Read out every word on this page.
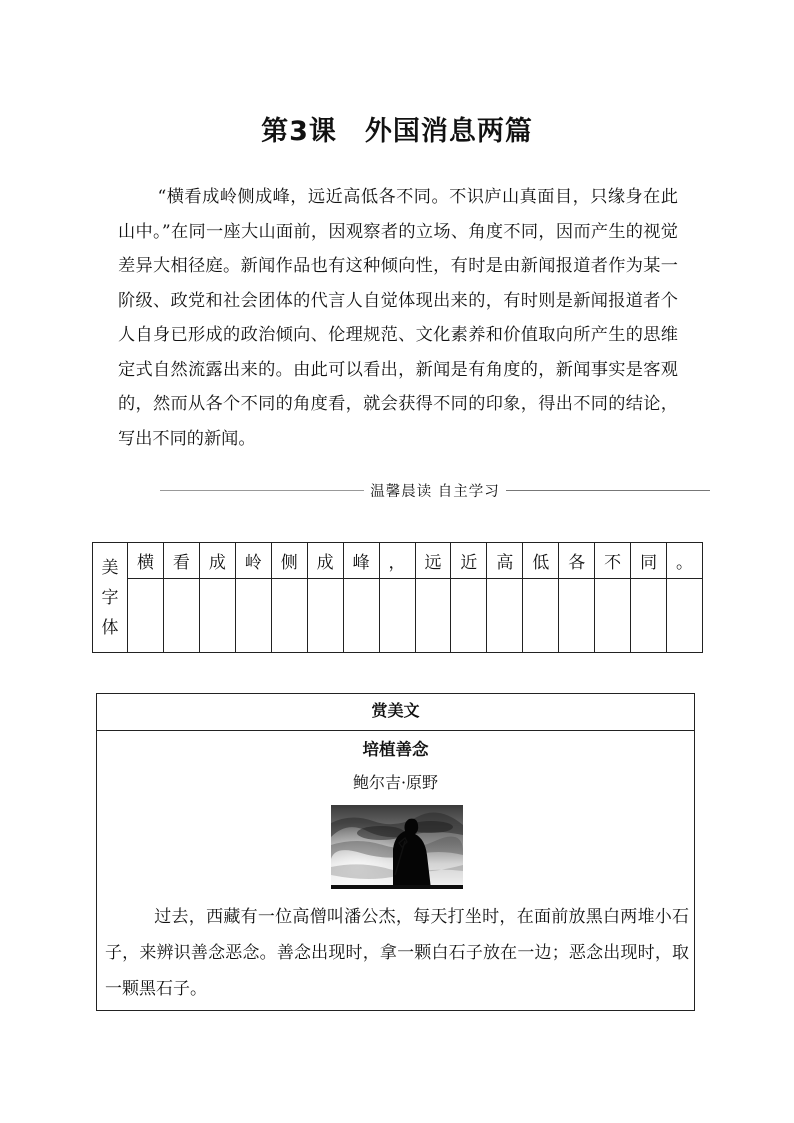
第3课 外国消息两篇

“横看成岭侧成峰，远近高低各不同。不识庐山真面目，只缘身在此山中。”在同一座大山面前，因观察者的立场、角度不同，因而产生的视觉差异大相径庭。新闻作品也有这种倾向性，有时是由新闻报道者作为某一阶级、政党和社会团体的代言人自觉体现出来的，有时则是新闻报道者个人自身已形成的政治倾向、伦理规范、文化素养和价值取向所产生的思维定式自然流露出来的。由此可以看出，新闻是有角度的，新闻事实是客观的，然而从各个不同的角度看，就会获得不同的印象，得出不同的结论，写出不同的新闻。

温馨晨读 自主学习
美
字
体	横	看	成	岭	侧	成	峰	，	远	近	高	低	各	不	同	。

赏美文
培植善念
鲍尔吉·原野

过去，西藏有一位高僧叫潘公杰，每天打坐时，在面前放黑白两堆小石子，来辨识善念恶念。善念出现时，拿一颗白石子放在一边；恶念出现时，取一颗黑石子。
